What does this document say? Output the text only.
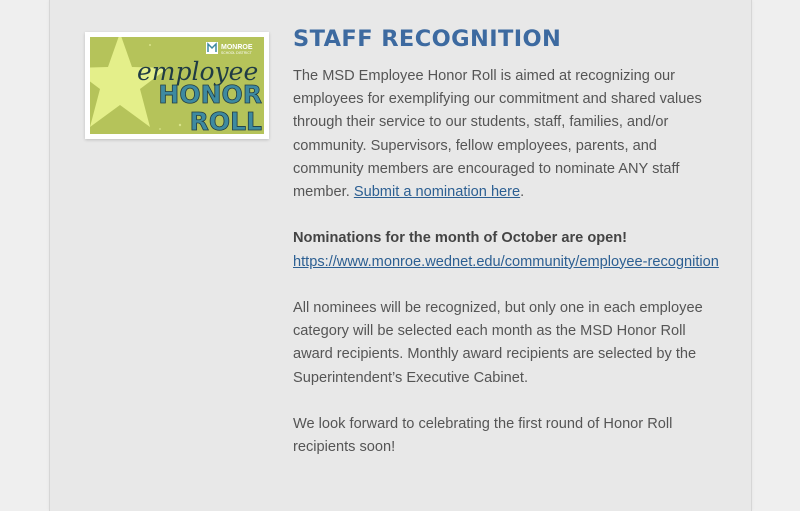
MONROE
SCHOOL DISTRICT
employee
HONOR
ROLL
STAFF RECOGNITION

The MSD Employee Honor Roll is aimed at recognizing our employees for exemplifying our commitment and shared values through their service to our students, staff, families, and/or community. Supervisors, fellow employees, parents, and community members are encouraged to nominate ANY staff member. Submit a nomination here.

Nominations for the month of October are open!
https://www.monroe.wednet.edu/community/employee-recognition

All nominees will be recognized, but only one in each employee category will be selected each month as the MSD Honor Roll award recipients. Monthly award recipients are selected by the Superintendent’s Executive Cabinet.

We look forward to celebrating the first round of Honor Roll recipients soon!
